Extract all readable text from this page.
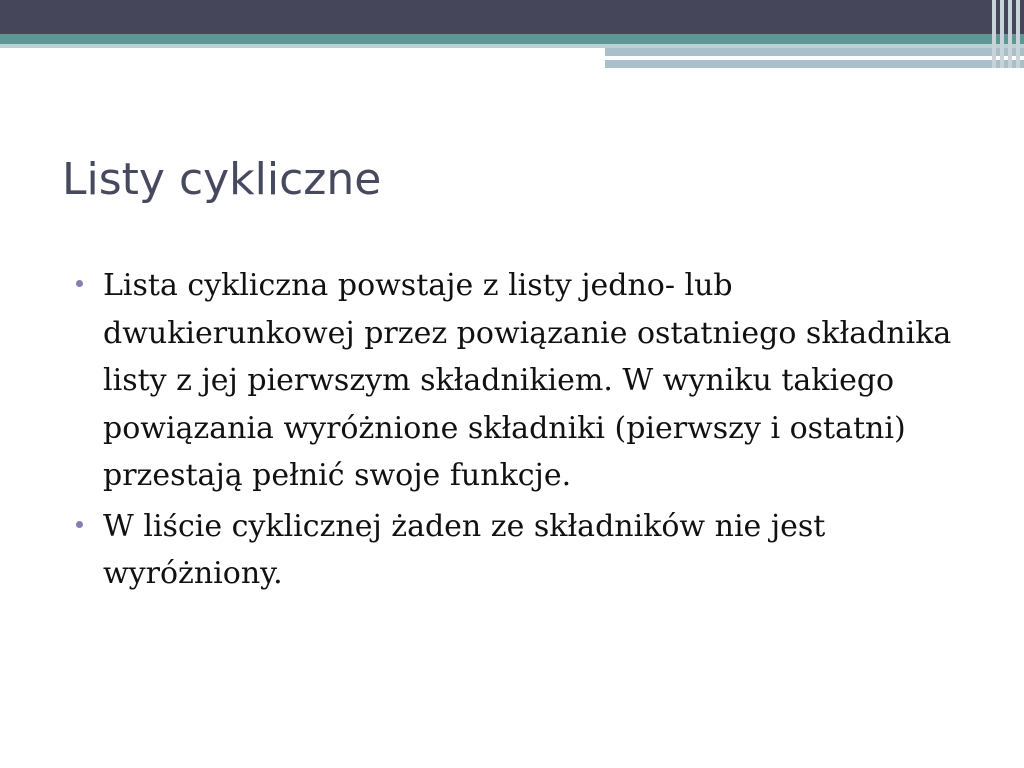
Listy cykliczne
Lista cykliczna powstaje z listy jedno- lub dwukierunkowej przez powiązanie ostatniego składnika listy z jej pierwszym składnikiem. W wyniku takiego powiązania wyróżnione składniki (pierwszy i ostatni) przestają pełnić swoje funkcje.
W liście cyklicznej żaden ze składników nie jest wyróżniony.
